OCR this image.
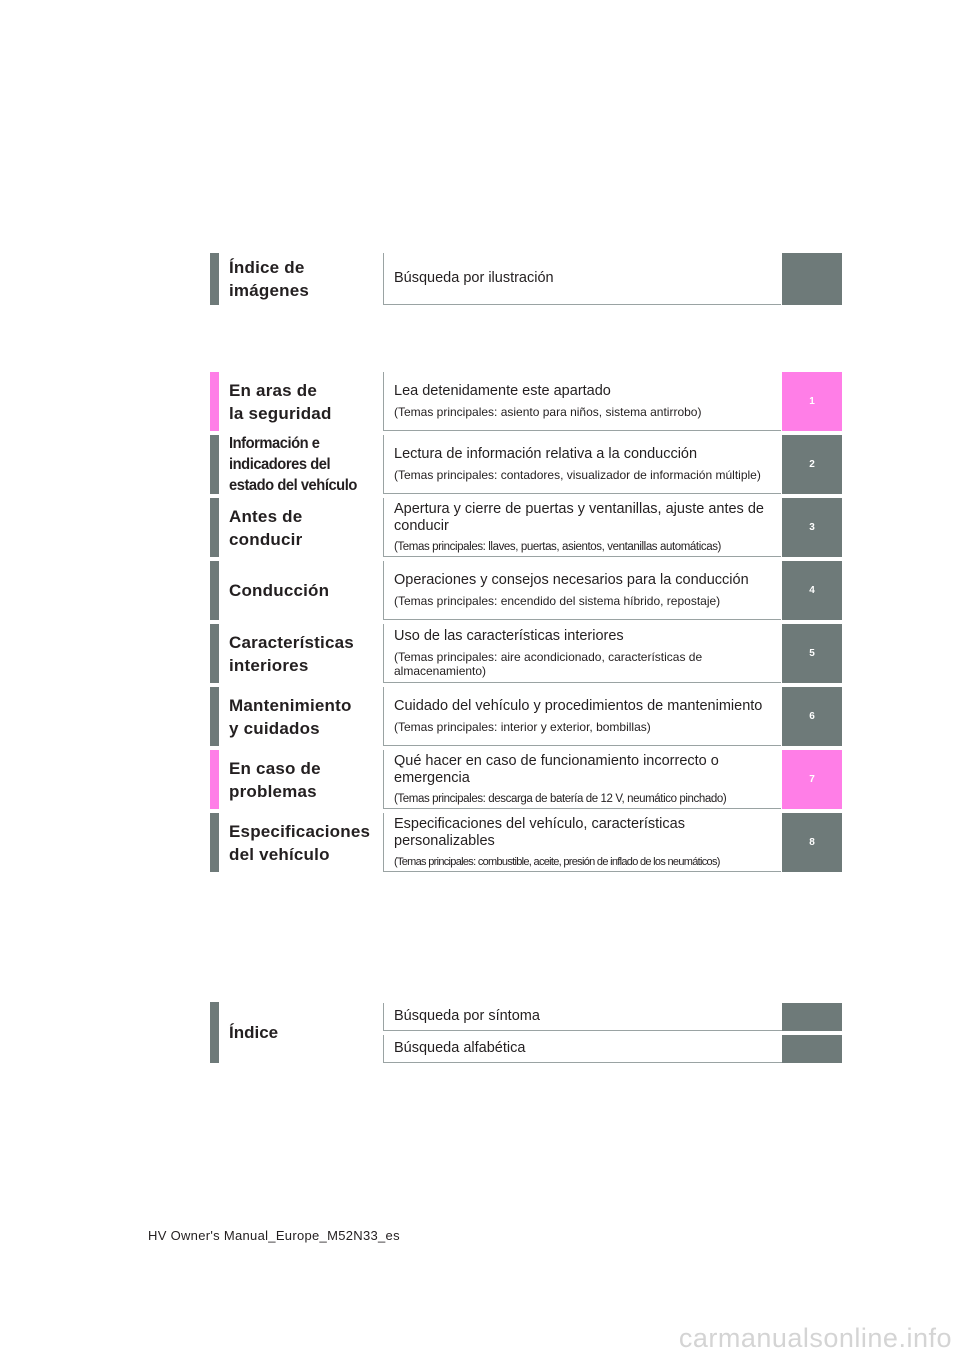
Índice de
imágenes
Búsqueda por ilustración
En aras de
la seguridad
Lea detenidamente este apartado
(Temas principales: asiento para niños, sistema antirrobo)
1
Información e
indicadores del
estado del vehículo
Lectura de información relativa a la conducción
(Temas principales: contadores, visualizador de información múltiple)
2
Antes de
conducir
Apertura y cierre de puertas y ventanillas, ajuste antes de conducir
(Temas principales: llaves, puertas, asientos, ventanillas automáticas)
3
Conducción
Operaciones y consejos necesarios para la conducción
(Temas principales: encendido del sistema híbrido, repostaje)
4
Características
interiores
Uso de las características interiores
(Temas principales: aire acondicionado, características de almacenamiento)
5
Mantenimiento
y cuidados
Cuidado del vehículo y procedimientos de mantenimiento
(Temas principales: interior y exterior, bombillas)
6
En caso de
problemas
Qué hacer en caso de funcionamiento incorrecto o emergencia
(Temas principales: descarga de batería de 12 V, neumático pinchado)
7
Especificaciones
del vehículo
Especificaciones del vehículo, características personalizables
(Temas principales: combustible, aceite, presión de inflado de los neumáticos)
8
Índice
Búsqueda por síntoma
Búsqueda alfabética
HV Owner's Manual_Europe_M52N33_es
carmanualsonline.info
